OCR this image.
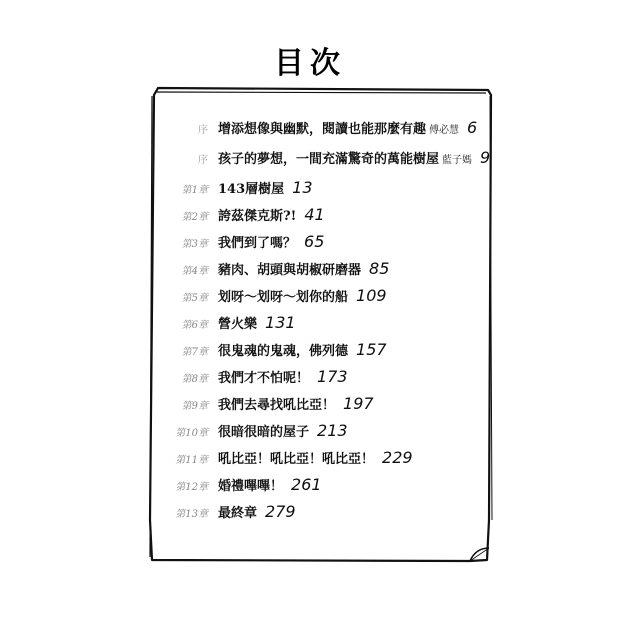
目次
序 增添想像與幽默，閱讀也能那麼有趣 傅必慧 6
序 孩子的夢想，一間充滿驚奇的萬能樹屋 藍子媽 9
第1章 143層樹屋 13
第2章 誇茲傑克斯?! 41
第3章 我們到了嗎？ 65
第4章 豬肉、胡頭與胡椒研磨器 85
第5章 划呀～划呀～划你的船 109
第6章 營火樂 131
第7章 很鬼魂的鬼魂，佛列德 157
第8章 我們才不怕呢！ 173
第9章 我們去尋找吼比亞！ 197
第10章 很暗很暗的屋子 213
第11章 吼比亞！吼比亞！吼比亞！ 229
第12章 婚禮嗶嗶！ 261
第13章 最終章 279
